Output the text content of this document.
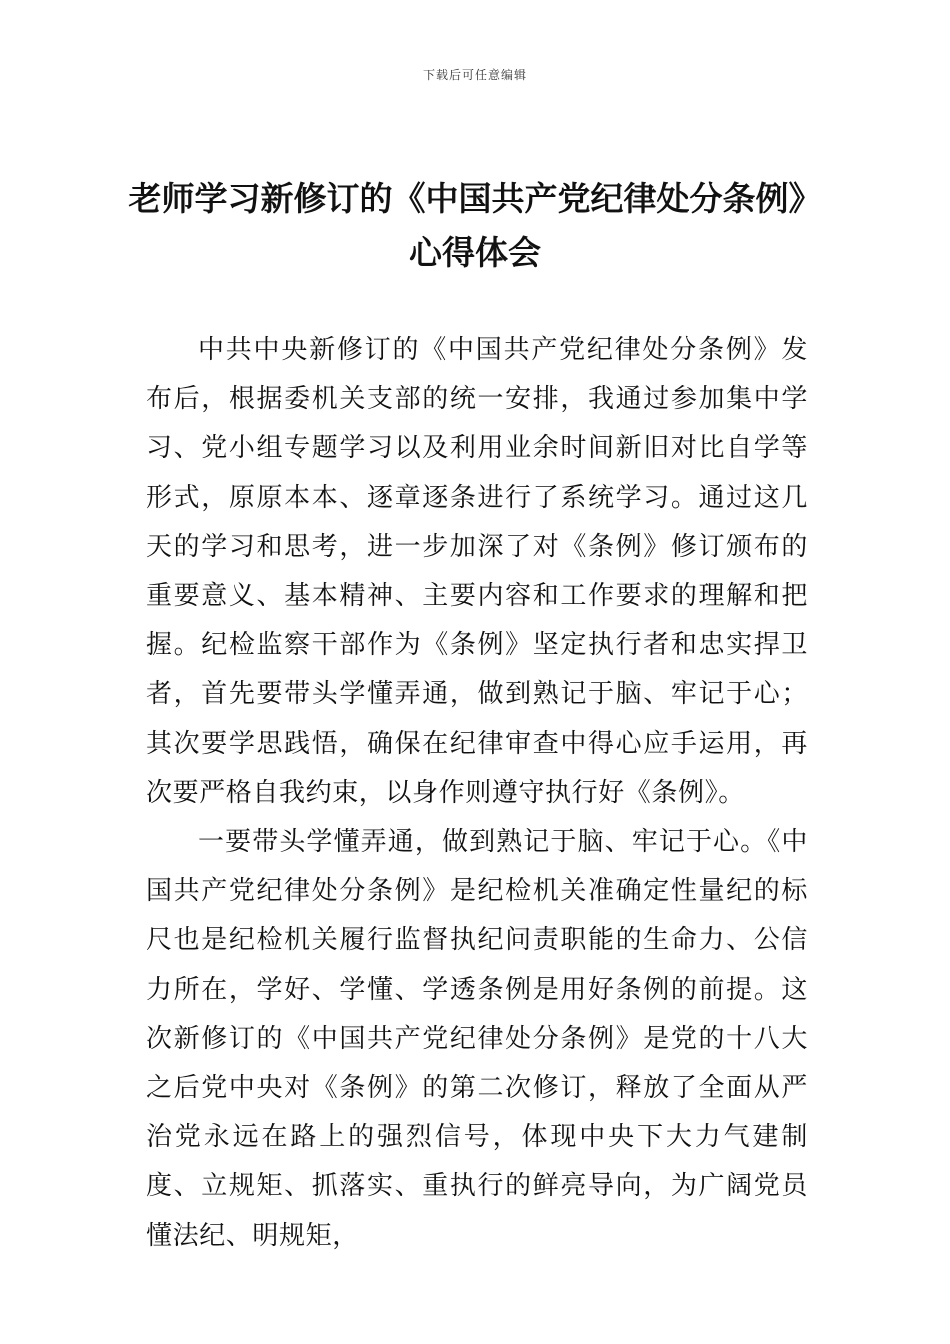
下载后可任意编辑
老师学习新修订的《中国共产党纪律处分条例》心得体会

中共中央新修订的《中国共产党纪律处分条例》发布后，根据委机关支部的统一安排，我通过参加集中学习、党小组专题学习以及利用业余时间新旧对比自学等形式，原原本本、逐章逐条进行了系统学习。通过这几天的学习和思考，进一步加深了对《条例》修订颁布的重要意义、基本精神、主要内容和工作要求的理解和把握。纪检监察干部作为《条例》坚定执行者和忠实捍卫者，首先要带头学懂弄通，做到熟记于脑、牢记于心；其次要学思践悟，确保在纪律审查中得心应手运用，再次要严格自我约束，以身作则遵守执行好《条例》。

一要带头学懂弄通，做到熟记于脑、牢记于心。《中国共产党纪律处分条例》是纪检机关准确定性量纪的标尺也是纪检机关履行监督执纪问责职能的生命力、公信力所在，学好、学懂、学透条例是用好条例的前提。这次新修订的《中国共产党纪律处分条例》是党的十八大之后党中央对《条例》的第二次修订，释放了全面从严治党永远在路上的强烈信号，体现中央下大力气建制度、立规矩、抓落实、重执行的鲜亮导向，为广阔党员懂法纪、明规矩，
